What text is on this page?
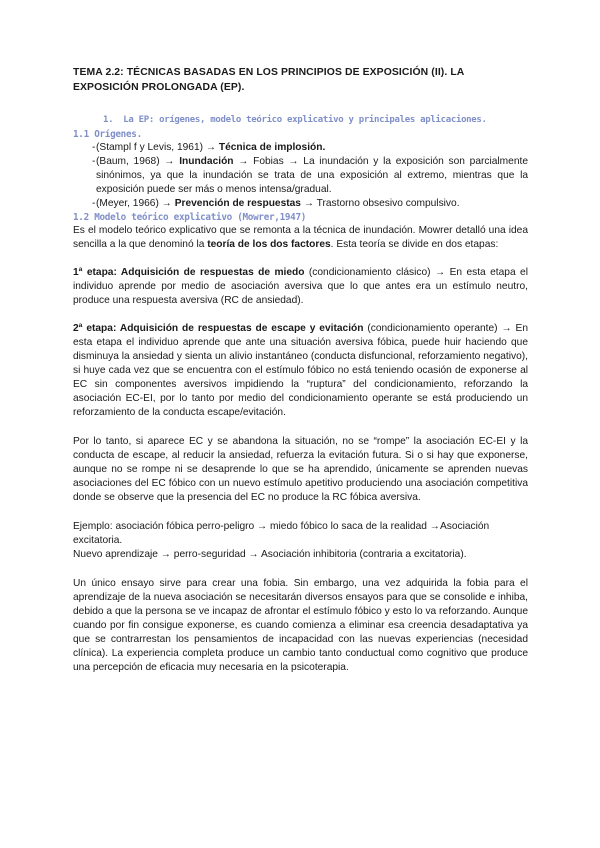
TEMA 2.2: TÉCNICAS BASADAS EN LOS PRINCIPIOS DE EXPOSICIÓN (II). LA EXPOSICIÓN PROLONGADA (EP).
1. La EP: orígenes, modelo teórico explicativo y principales aplicaciones.
1.1 Orígenes.
- (Stampl f y Levis, 1961) → Técnica de implosión.
- (Baum, 1968) → Inundación → Fobias → La inundación y la exposición son parcialmente sinónimos, ya que la inundación se trata de una exposición al extremo, mientras que la exposición puede ser más o menos intensa/gradual.
- (Meyer, 1966) → Prevención de respuestas → Trastorno obsesivo compulsivo.
1.2 Modelo teórico explicativo (Mowrer,1947)

Es el modelo teórico explicativo que se remonta a la técnica de inundación. Mowrer detalló una idea sencilla a la que denominó la teoría de los dos factores. Esta teoría se divide en dos etapas:

1ª etapa: Adquisición de respuestas de miedo (condicionamiento clásico) → En esta etapa el individuo aprende por medio de asociación aversiva que lo que antes era un estímulo neutro, produce una respuesta aversiva (RC de ansiedad).

2ª etapa: Adquisición de respuestas de escape y evitación (condicionamiento operante) → En esta etapa el individuo aprende que ante una situación aversiva fóbica, puede huir haciendo que disminuya la ansiedad y sienta un alivio instantáneo (conducta disfuncional, reforzamiento negativo), si huye cada vez que se encuentra con el estímulo fóbico no está teniendo ocasión de exponerse al EC sin componentes aversivos impidiendo la “ruptura” del condicionamiento, reforzando la asociación EC-EI, por lo tanto por medio del condicionamiento operante se está produciendo un reforzamiento de la conducta escape/evitación.

Por lo tanto, si aparece EC y se abandona la situación, no se “rompe” la asociación EC-EI y la conducta de escape, al reducir la ansiedad, refuerza la evitación futura. Si o si hay que exponerse, aunque no se rompe ni se desaprende lo que se ha aprendido, únicamente se aprenden nuevas asociaciones del EC fóbico con un nuevo estímulo apetitivo produciendo una asociación competitiva donde se observe que la presencia del EC no produce la RC fóbica aversiva.

Ejemplo: asociación fóbica perro-peligro → miedo fóbico lo saca de la realidad →Asociación excitatoria.

Nuevo aprendizaje → perro-seguridad → Asociación inhibitoria (contraria a excitatoria).

Un único ensayo sirve para crear una fobia. Sin embargo, una vez adquirida la fobia para el aprendizaje de la nueva asociación se necesitarán diversos ensayos para que se consolide e inhiba, debido a que la persona se ve incapaz de afrontar el estímulo fóbico y esto lo va reforzando. Aunque cuando por fin consigue exponerse, es cuando comienza a eliminar esa creencia desadaptativa ya que se contrarrestan los pensamientos de incapacidad con las nuevas experiencias (necesidad clínica). La experiencia completa produce un cambio tanto conductual como cognitivo que produce una percepción de eficacia muy necesaria en la psicoterapia.
